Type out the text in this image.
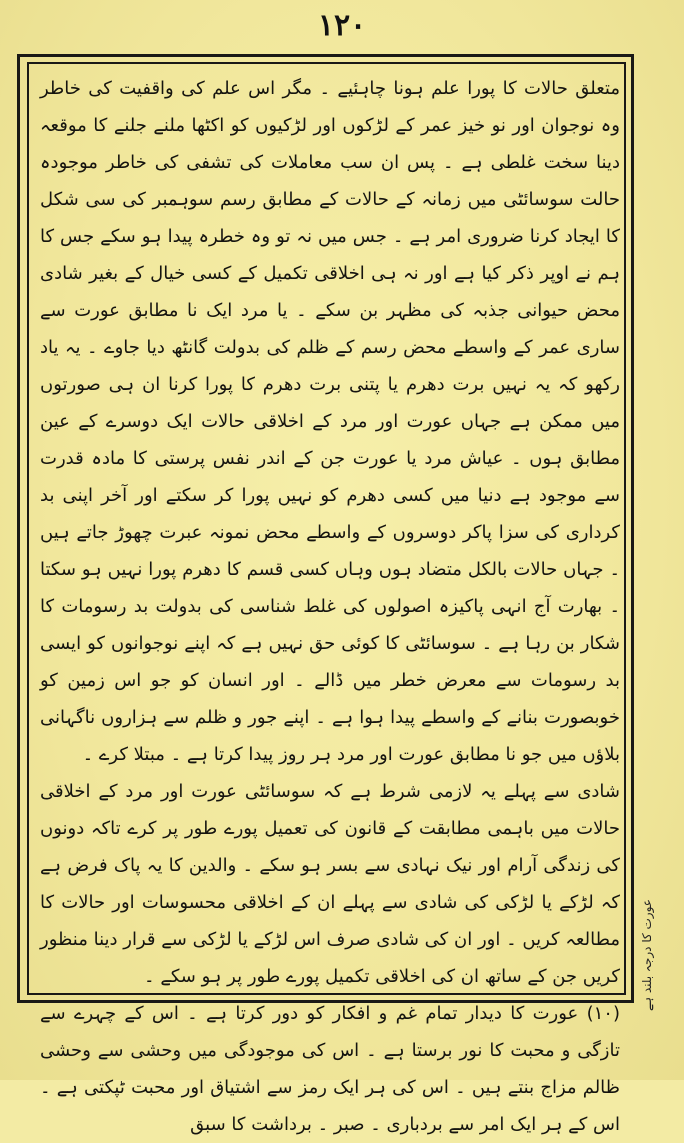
۱۲۰

متعلق حالات کا پورا علم ہونا چاہئیے ۔ مگر اس علم کی واقفیت کی خاطر وہ نوجوان اور نو خیز عمر کے لڑکوں اور لڑکیوں کو اکٹھا ملنے جلنے کا موقعہ دینا سخت غلطی ہے ۔ پس ان سب معاملات کی تشفی کی خاطر موجودہ حالت سوسائٹی میں زمانہ کے حالات کے مطابق رسم سوہمبر کی سی شکل کا ایجاد کرنا ضروری امر ہے ۔ جس میں نہ تو وہ خطرہ پیدا ہو سکے جس کا ہم نے اوپر ذکر کیا ہے اور نہ ہی اخلاقی تکمیل کے کسی خیال کے بغیر شادی محض حیوانی جذبہ کی مظہر بن سکے ۔ یا مرد ایک نا مطابق عورت سے ساری عمر کے واسطے محض رسم کے ظلم کی بدولت گانٹھ دیا جاوے ۔ یہ یاد رکھو کہ یہ نہیں برت دھرم یا پتنی برت دھرم کا پورا کرنا ان ہی صورتوں میں ممکن ہے جہاں عورت اور مرد کے اخلاقی حالات ایک دوسرے کے عین مطابق ہوں ۔ عیاش مرد یا عورت جن کے اندر نفس پرستی کا مادہ قدرت سے موجود ہے دنیا میں کسی دھرم کو نہیں پورا کر سکتے اور آخر اپنی بد کرداری کی سزا پاکر دوسروں کے واسطے محض نمونہ عبرت چھوڑ جاتے ہیں ۔ جہاں حالات بالکل متضاد ہوں وہاں کسی قسم کا دھرم پورا نہیں ہو سکتا ۔ بھارت آج انہی پاکیزہ اصولوں کی غلط شناسی کی بدولت بد رسومات کا شکار بن رہا ہے ۔ سوسائٹی کا کوئی حق نہیں ہے کہ اپنے نوجوانوں کو ایسی بد رسومات سے معرض خطر میں ڈالے ۔ اور انسان کو جو اس زمین کو خوبصورت بنانے کے واسطے پیدا ہوا ہے ۔ اپنے جور و ظلم سے ہزاروں ناگہانی بلاؤں میں جو نا مطابق عورت اور مرد ہر روز پیدا کرتا ہے ۔ مبتلا کرے ۔

شادی سے پہلے یہ لازمی شرط ہے کہ سوسائٹی عورت اور مرد کے اخلاقی حالات میں باہمی مطابقت کے قانون کی تعمیل پورے طور پر کرے تاکہ دونوں کی زندگی آرام اور نیک نہادی سے بسر ہو سکے ۔ والدین کا یہ پاک فرض ہے کہ لڑکے یا لڑکی کی شادی سے پہلے ان کے اخلاقی محسوسات اور حالات کا مطالعہ کریں ۔ اور ان کی شادی صرف اس لڑکے یا لڑکی سے قرار دینا منظور کریں جن کے ساتھ ان کی اخلاقی تکمیل پورے طور پر ہو سکے ۔

(۱۰) عورت کا دیدار تمام غم و افکار کو دور کرتا ہے ۔ اس کے چہرے سے تازگی و محبت کا نور برستا ہے ۔ اس کی موجودگی میں وحشی سے وحشی ظالم مزاج بنتے ہیں ۔ اس کی ہر ایک رمز سے اشتیاق اور محبت ٹپکتی ہے ۔ اس کے ہر ایک امر سے بردباری ۔ صبر ۔ برداشت کا سبق

عورت کا درجہ بلند ہے
